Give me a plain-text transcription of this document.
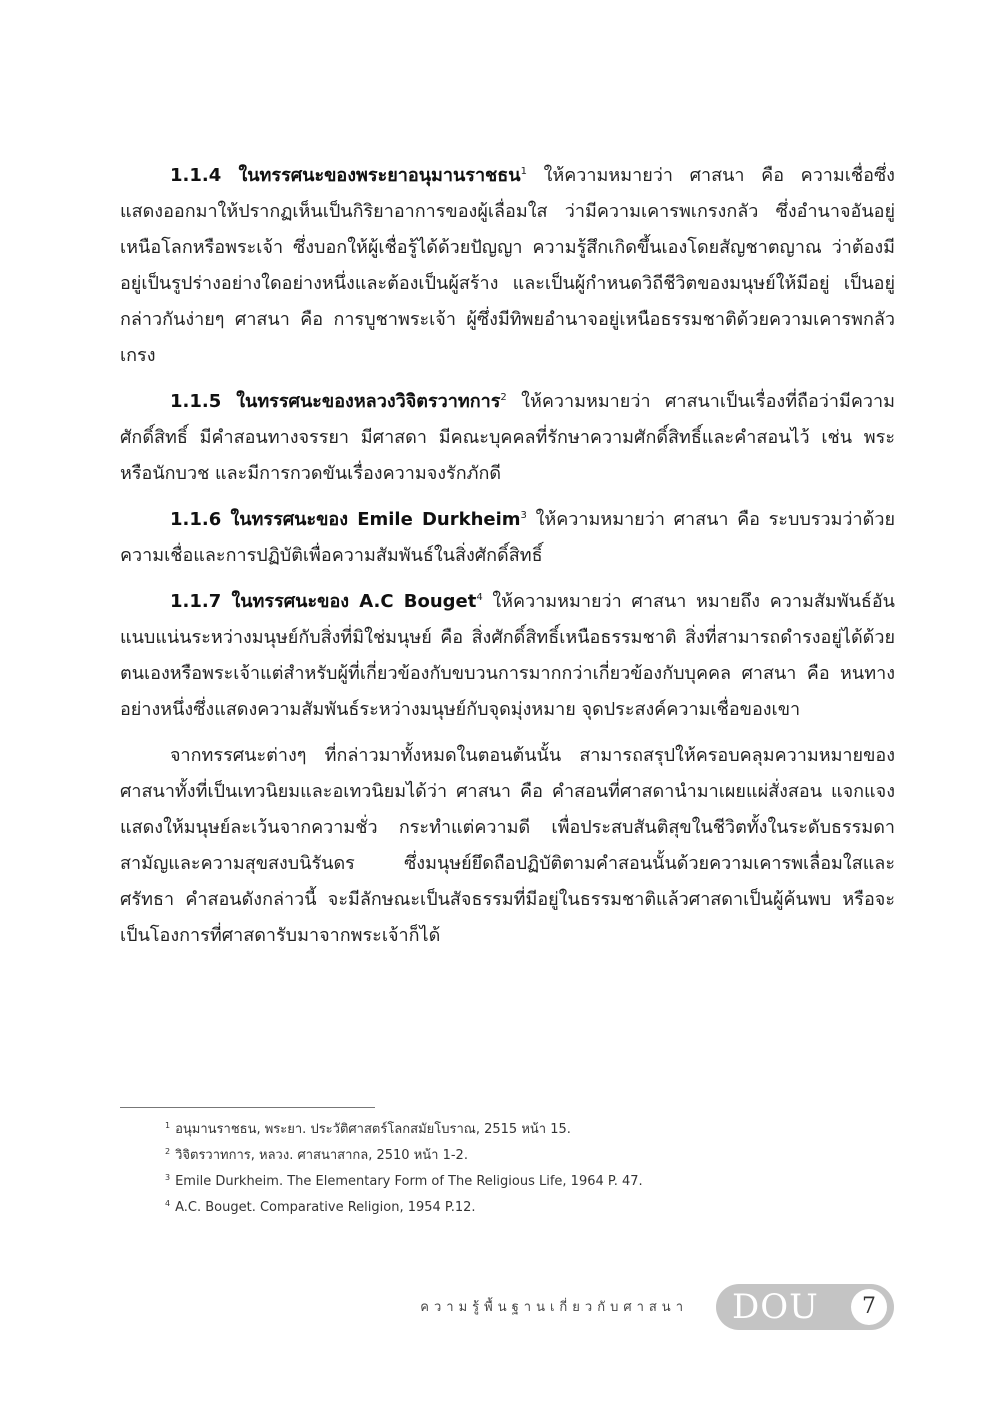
1.1.4 ในทรรศนะของพระยาอนุมานราชธน$^1$ ให้ความหมายว่า ศาสนา คือ ความเชื่อซึ่งแสดงออกมาให้ปรากฏเห็นเป็นกิริยาอาการของผู้เลื่อมใส ว่ามีความเคารพเกรงกลัว ซึ่งอำนาจอันอยู่เหนือโลกหรือพระเจ้า ซึ่งบอกให้ผู้เชื่อรู้ได้ด้วยปัญญา ความรู้สึกเกิดขึ้นเองโดยสัญชาตญาณ ว่าต้องมีอยู่เป็นรูปร่างอย่างใดอย่างหนึ่งและต้องเป็นผู้สร้าง และเป็นผู้กำหนดวิถีชีวิตของมนุษย์ให้มีอยู่ เป็นอยู่ กล่าวกันง่ายๆ ศาสนา คือ การบูชาพระเจ้า ผู้ซึ่งมีทิพยอำนาจอยู่เหนือธรรมชาติด้วยความเคารพกลัวเกรง

1.1.5 ในทรรศนะของหลวงวิจิตรวาทการ$^2$ ให้ความหมายว่า ศาสนาเป็นเรื่องที่ถือว่ามีความศักดิ์สิทธิ์ มีคำสอนทางจรรยา มีศาสดา มีคณะบุคคลที่รักษาความศักดิ์สิทธิ์และคำสอนไว้ เช่น พระหรือนักบวช และมีการกวดขันเรื่องความจงรักภักดี

1.1.6 ในทรรศนะของ Emile Durkheim$^3$ ให้ความหมายว่า ศาสนา คือ ระบบรวมว่าด้วยความเชื่อและการปฏิบัติเพื่อความสัมพันธ์ในสิ่งศักดิ์สิทธิ์

1.1.7 ในทรรศนะของ A.C Bouget$^4$ ให้ความหมายว่า ศาสนา หมายถึง ความสัมพันธ์อันแนบแน่นระหว่างมนุษย์กับสิ่งที่มิใช่มนุษย์ คือ สิ่งศักดิ์สิทธิ์เหนือธรรมชาติ สิ่งที่สามารถดำรงอยู่ได้ด้วยตนเองหรือพระเจ้าแต่สำหรับผู้ที่เกี่ยวข้องกับขบวนการมากกว่าเกี่ยวข้องกับบุคคล ศาสนา คือ หนทางอย่างหนึ่งซึ่งแสดงความสัมพันธ์ระหว่างมนุษย์กับจุดมุ่งหมาย จุดประสงค์ความเชื่อของเขา

จากทรรศนะต่างๆ ที่กล่าวมาทั้งหมดในตอนต้นนั้น สามารถสรุปให้ครอบคลุมความหมายของศาสนาทั้งที่เป็นเทวนิยมและอเทวนิยมได้ว่า ศาสนา คือ คำสอนที่ศาสดานำมาเผยแผ่สั่งสอน แจกแจง แสดงให้มนุษย์ละเว้นจากความชั่ว กระทำแต่ความดี เพื่อประสบสันติสุขในชีวิตทั้งในระดับธรรมดาสามัญและความสุขสงบนิรันดร ซึ่งมนุษย์ยึดถือปฏิบัติตามคำสอนนั้นด้วยความเคารพเลื่อมใสและศรัทธา คำสอนดังกล่าวนี้ จะมีลักษณะเป็นสัจธรรมที่มีอยู่ในธรรมชาติแล้วศาสดาเป็นผู้ค้นพบ หรือจะเป็นโองการที่ศาสดารับมาจากพระเจ้าก็ได้

$^1$ อนุมานราชธน, พระยา. ประวัติศาสตร์โลกสมัยโบราณ, 2515 หน้า 15.
$^2$ วิจิตรวาทการ, หลวง. ศาสนาสากล, 2510 หน้า 1-2.
$^3$ Emile Durkheim. The Elementary Form of The Religious Life, 1964 P. 47.
$^4$ A.C. Bouget. Comparative Religion, 1954 P.12.
ความรู้พื้นฐานเกี่ยวกับศาสนา DOU	7
